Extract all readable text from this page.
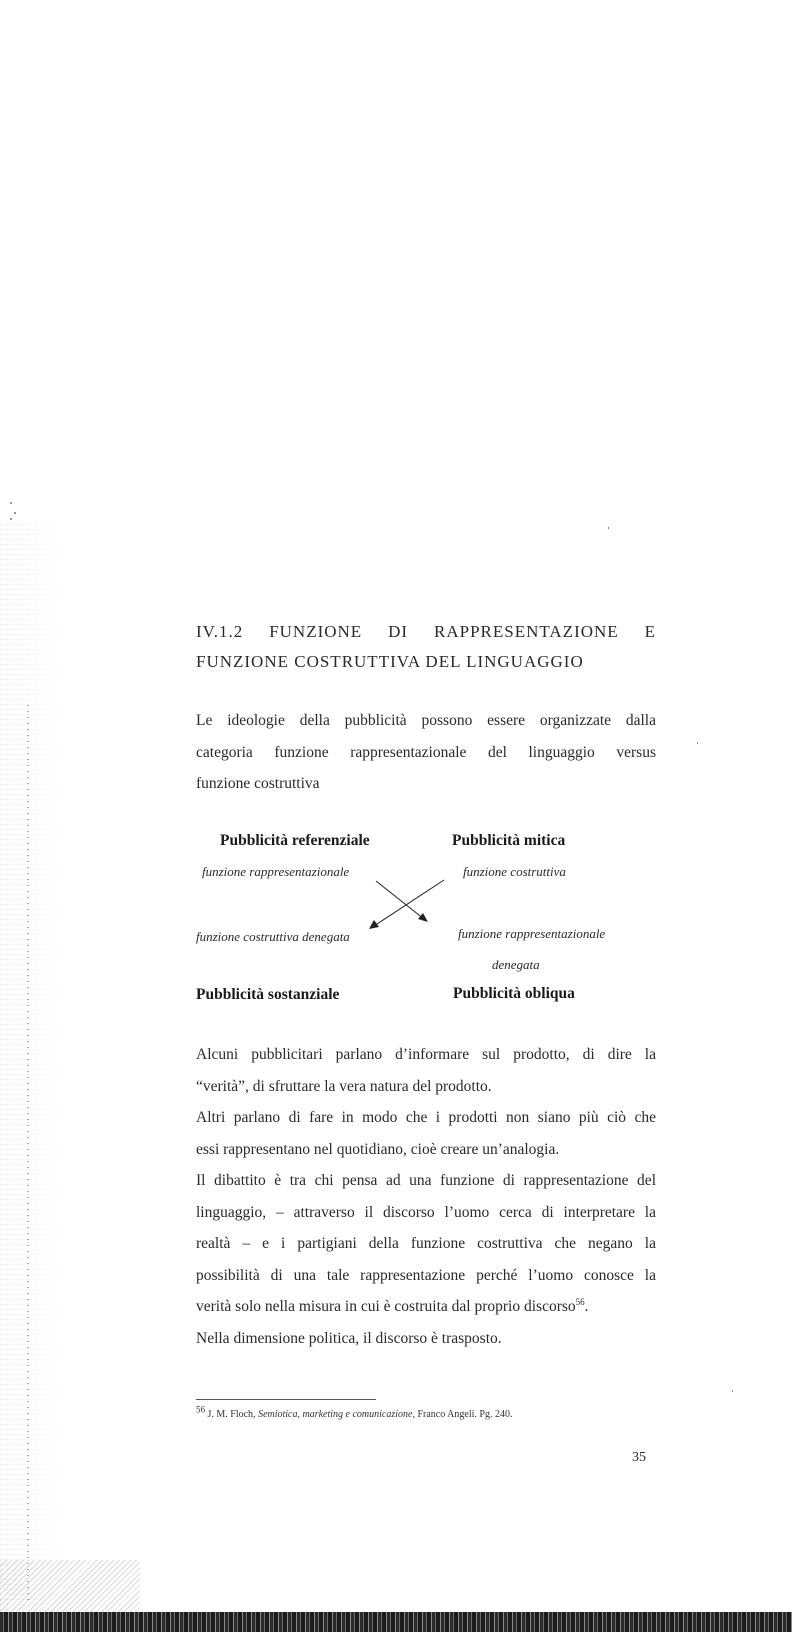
IV.1.2 FUNZIONE DI RAPPRESENTAZIONE E
FUNZIONE COSTRUTTIVA DEL LINGUAGGIO
Le ideologie della pubblicità possono essere organizzate dalla
categoria funzione rappresentazionale del linguaggio versus
funzione costruttiva
Pubblicità referenziale
funzione rappresentazionale
Pubblicità mitica
funzione costruttiva
funzione costruttiva denegata	funzione rappresentazionale
denegata
Pubblicità sostanziale	Pubblicità obliqua
Alcuni pubblicitari parlano d’informare sul prodotto, di dire la
“verità”, di sfruttare la vera natura del prodotto.
Altri parlano di fare in modo che i prodotti non siano più ciò che
essi rappresentano nel quotidiano, cioè creare un’analogia.
Il dibattito è tra chi pensa ad una funzione di rappresentazione del
linguaggio, – attraverso il discorso l’uomo cerca di interpretare la
realtà – e i partigiani della funzione costruttiva che negano la
possibilità di una tale rappresentazione perché l’uomo conosce la
verità solo nella misura in cui è costruita dal proprio discorso$^{56}$.
Nella dimensione politica, il discorso è trasposto.
56 J. M. Floch, Semiotica, marketing e comunicazione, Franco Angeli. Pg. 240.
35
